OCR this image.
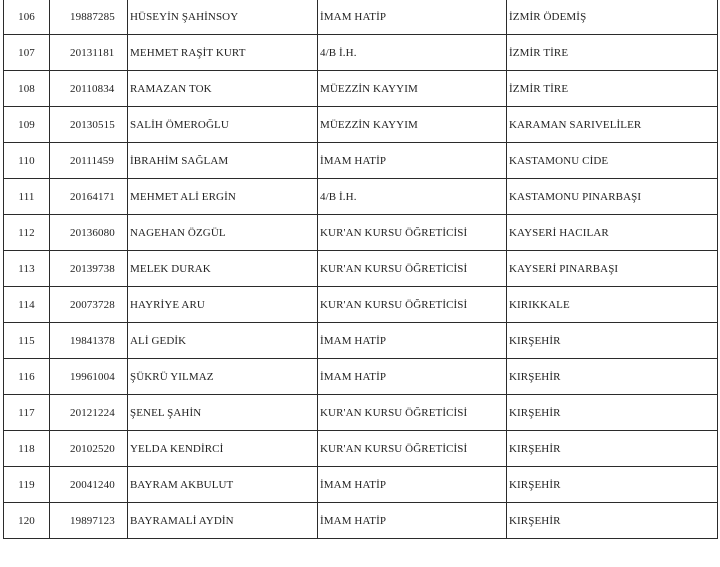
106	19887285	HÜSEYİN ŞAHİNSOY	İMAM HATİP	İZMİR ÖDEMİŞ
107	20131181	MEHMET RAŞİT KURT	4/B İ.H.	İZMİR TİRE
108	20110834	RAMAZAN TOK	MÜEZZİN KAYYIM	İZMİR TİRE
109	20130515	SALİH ÖMEROĞLU	MÜEZZİN KAYYIM	KARAMAN SARIVELİLER
110	20111459	İBRAHİM SAĞLAM	İMAM HATİP	KASTAMONU CİDE
111	20164171	MEHMET ALİ ERGİN	4/B İ.H.	KASTAMONU PINARBAŞI
112	20136080	NAGEHAN ÖZGÜL	KUR'AN KURSU ÖĞRETİCİSİ	KAYSERİ HACILAR
113	20139738	MELEK DURAK	KUR'AN KURSU ÖĞRETİCİSİ	KAYSERİ PINARBAŞI
114	20073728	HAYRİYE ARU	KUR'AN KURSU ÖĞRETİCİSİ	KIRIKKALE
115	19841378	ALİ GEDİK	İMAM HATİP	KIRŞEHİR
116	19961004	ŞÜKRÜ YILMAZ	İMAM HATİP	KIRŞEHİR
117	20121224	ŞENEL ŞAHİN	KUR'AN KURSU ÖĞRETİCİSİ	KIRŞEHİR
118	20102520	YELDA KENDİRCİ	KUR'AN KURSU ÖĞRETİCİSİ	KIRŞEHİR
119	20041240	BAYRAM AKBULUT	İMAM HATİP	KIRŞEHİR
120	19897123	BAYRAMALİ AYDİN	İMAM HATİP	KIRŞEHİR
